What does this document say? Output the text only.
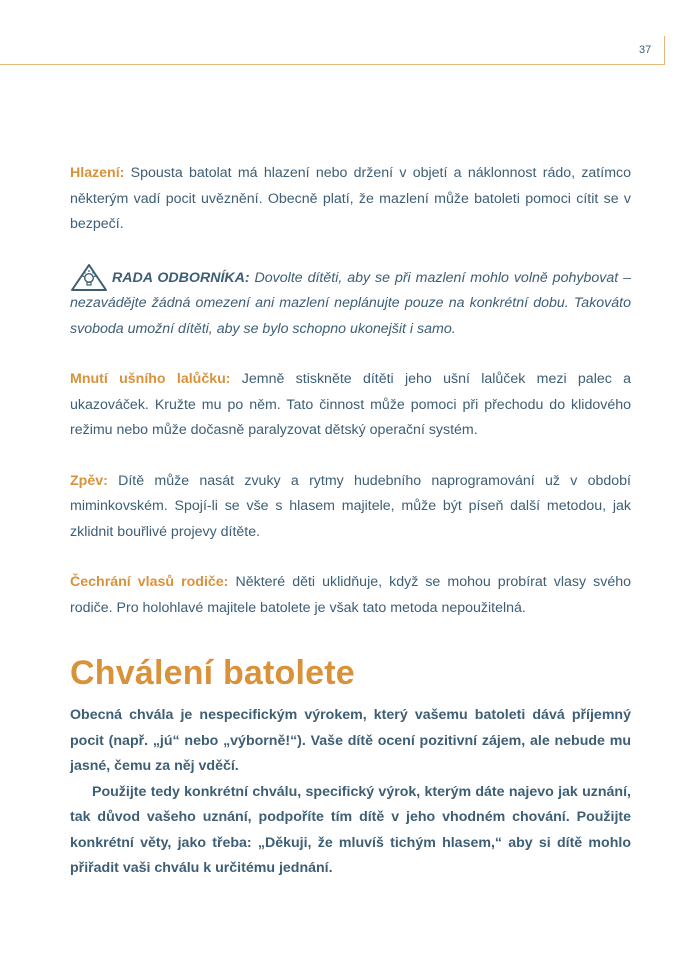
37

Hlazení: Spousta batolat má hlazení nebo držení v objetí a náklonnost rádo, zatímco některým vadí pocit uvěznění. Obecně platí, že mazlení může batoleti pomoci cítit se v bezpečí.

RADA ODBORNÍKA: Dovolte dítěti, aby se při mazlení mohlo volně pohybovat – nezavádějte žádná omezení ani mazlení neplánujte pouze na konkrétní dobu. Takováto svoboda umožní dítěti, aby se bylo schopno ukonejšit i samo.

Mnutí ušního lalůčku: Jemně stiskněte dítěti jeho ušní lalůček mezi palec a ukazováček. Kružte mu po něm. Tato činnost může pomoci při přechodu do klidového režimu nebo může dočasně paralyzovat dětský operační systém.

Zpěv: Dítě může nasát zvuky a rytmy hudebního naprogramování už v období miminkovském. Spojí-li se vše s hlasem majitele, může být píseň další metodou, jak zklidnit bouřlivé projevy dítěte.

Čechrání vlasů rodiče: Některé děti uklidňuje, když se mohou probírat vlasy svého rodiče. Pro holohlavé majitele batolete je však tato metoda nepoužitelná.

Chválení batolete

Obecná chvála je nespecifickým výrokem, který vašemu batoleti dává příjemný pocit (např. „jú“ nebo „výborně!“). Vaše dítě ocení pozitivní zájem, ale nebude mu jasné, čemu za něj vděčí.

Použijte tedy konkrétní chválu, specifický výrok, kterým dáte najevo jak uznání, tak důvod vašeho uznání, podpoříte tím dítě v jeho vhodném chování. Použijte konkrétní věty, jako třeba: „Děkuji, že mluvíš tichým hlasem,“ aby si dítě mohlo přiřadit vaši chválu k určitému jednání.
